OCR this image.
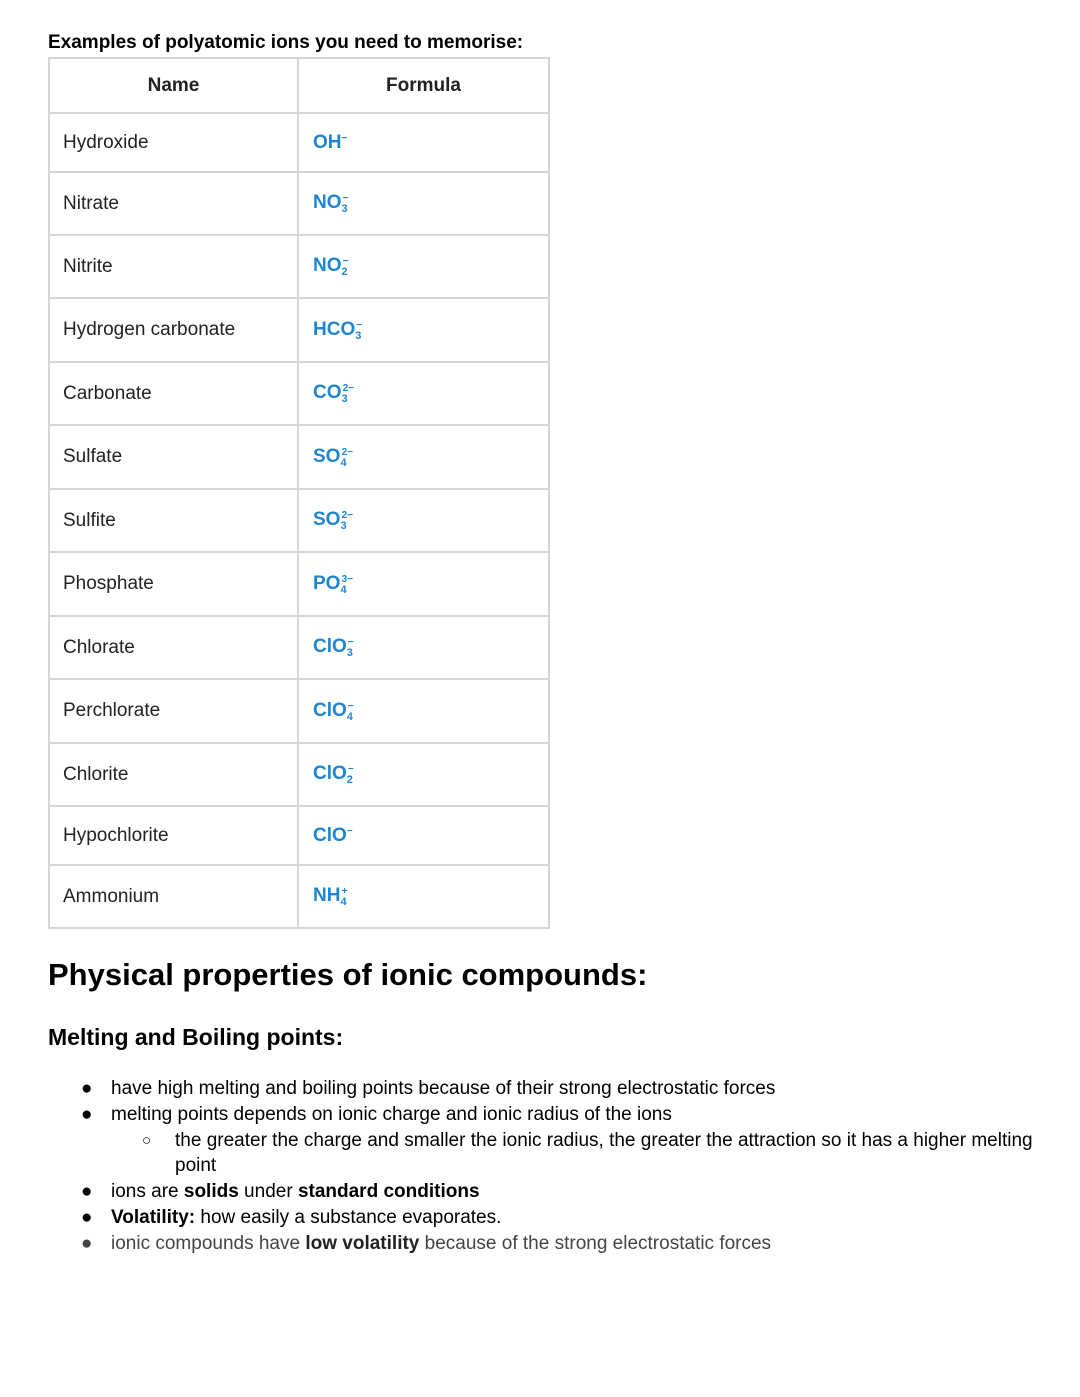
Examples of polyatomic ions you need to memorise:
Name	Formula
Hydroxide	OH−
Nitrate	$NO_3^-$
Nitrite	$NO_2^-$
Hydrogen carbonate	$HCO_3^-$
Carbonate	$CO_3^{2-}$
Sulfate	$SO_4^{2-}$
Sulfite	$SO_3^{2-}$
Phosphate	$PO_4^{3-}$
Chlorate	ClO$_3$−
Perchlorate	ClO$_4$−
Chlorite	ClO$_2$−
Hypochlorite	ClO−
Ammonium	$NH_4^+$
Physical properties of ionic compounds:
Melting and Boiling points:
● have high melting and boiling points because of their strong electrostatic forces
● melting points depends on ionic charge and ionic radius of the ions
○ the greater the charge and smaller the ionic radius, the greater the attraction so it has a higher melting point
● ions are solids under standard conditions
● Volatility: how easily a substance evaporates.
● ionic compounds have low volatility because of the strong electrostatic forces
